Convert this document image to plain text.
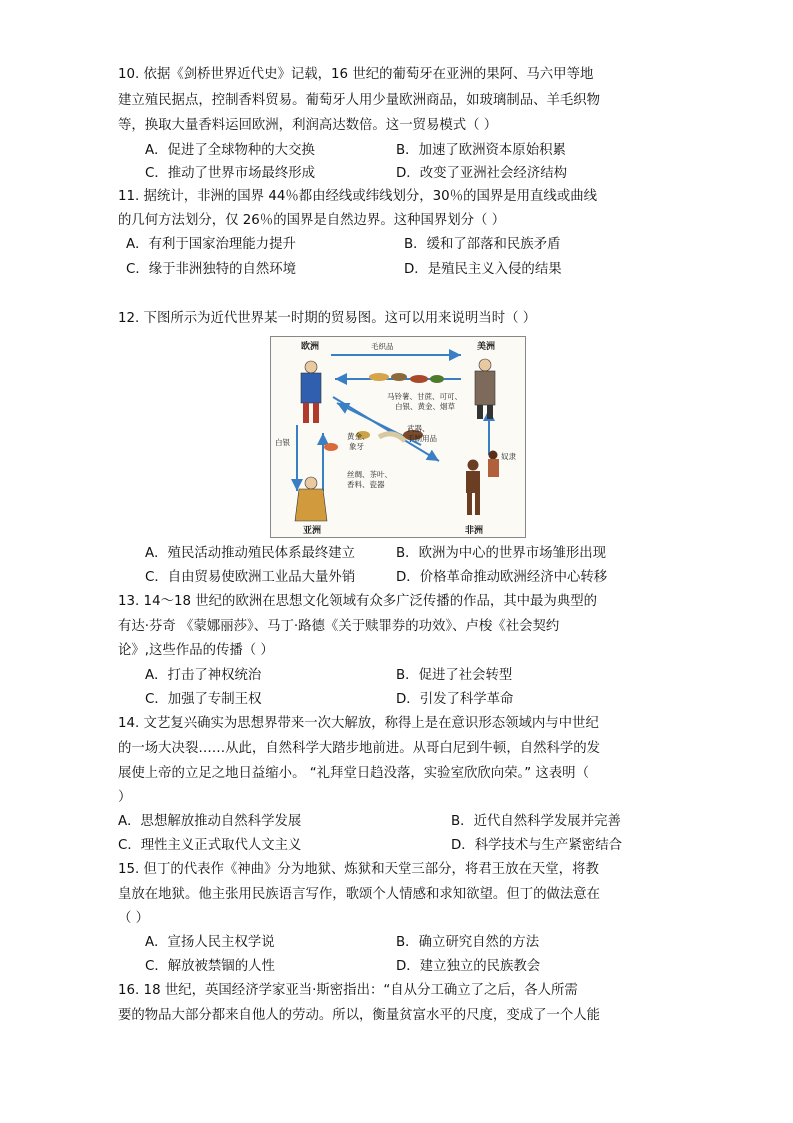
10. 依据《剑桥世界近代史》记载，16 世纪的葡萄牙在亚洲的果阿、马六甲等地
建立殖民据点，控制香料贸易。葡萄牙人用少量欧洲商品，如玻璃制品、羊毛织物
等，换取大量香料运回欧洲，利润高达数倍。这一贸易模式（ ）
A．促进了全球物种的大交换	B．加速了欧洲资本原始积累
C．推动了世界市场最终形成	D．改变了亚洲社会经济结构
11. 据统计，非洲的国界 44％都由经线或纬线划分，30％的国界是用直线或曲线
的几何方法划分，仅 26％的国界是自然边界。这种国界划分（ ）
A．有利于国家治理能力提升	B．缓和了部落和民族矛盾
C．缘于非洲独特的自然环境	D．是殖民主义入侵的结果
12. 下图所示为近代世界某一时期的贸易图。这可以用来说明当时（ ）
欧洲	美洲
亚洲	非洲
毛织品
马铃薯、甘蔗、可可、
白银、黄金、烟草
武器、
手制用品
黄金、
象牙
白银
奴隶
丝绸、茶叶、
香料、瓷器
A．殖民活动推动殖民体系最终建立	B．欧洲为中心的世界市场雏形出现
C．自由贸易使欧洲工业品大量外销	D．价格革命推动欧洲经济中心转移
13. 14～18 世纪的欧洲在思想文化领域有众多广泛传播的作品，其中最为典型的
有达·芬奇 《蒙娜丽莎》、马丁·路德《关于赎罪券的功效》、卢梭《社会契约
论》,这些作品的传播（ ）
A．打击了神权统治	B．促进了社会转型
C．加强了专制王权	D．引发了科学革命
14. 文艺复兴确实为思想界带来一次大解放，称得上是在意识形态领域内与中世纪
的一场大决裂……从此，自然科学大踏步地前进。从哥白尼到牛顿，自然科学的发
展使上帝的立足之地日益缩小。 “礼拜堂日趋没落，实验室欣欣向荣。” 这表明（
）
A．思想解放推动自然科学发展	B．近代自然科学发展并完善
C．理性主义正式取代人文主义	D．科学技术与生产紧密结合
15. 但丁的代表作《神曲》分为地狱、炼狱和天堂三部分，将君王放在天堂，将教
皇放在地狱。他主张用民族语言写作，歌颂个人情感和求知欲望。但丁的做法意在
（ ）
A．宣扬人民主权学说	B．确立研究自然的方法
C．解放被禁锢的人性	D．建立独立的民族教会
16. 18 世纪，英国经济学家亚当·斯密指出：“自从分工确立了之后，各人所需
要的物品大部分都来自他人的劳动。所以，衡量贫富水平的尺度，变成了一个人能
